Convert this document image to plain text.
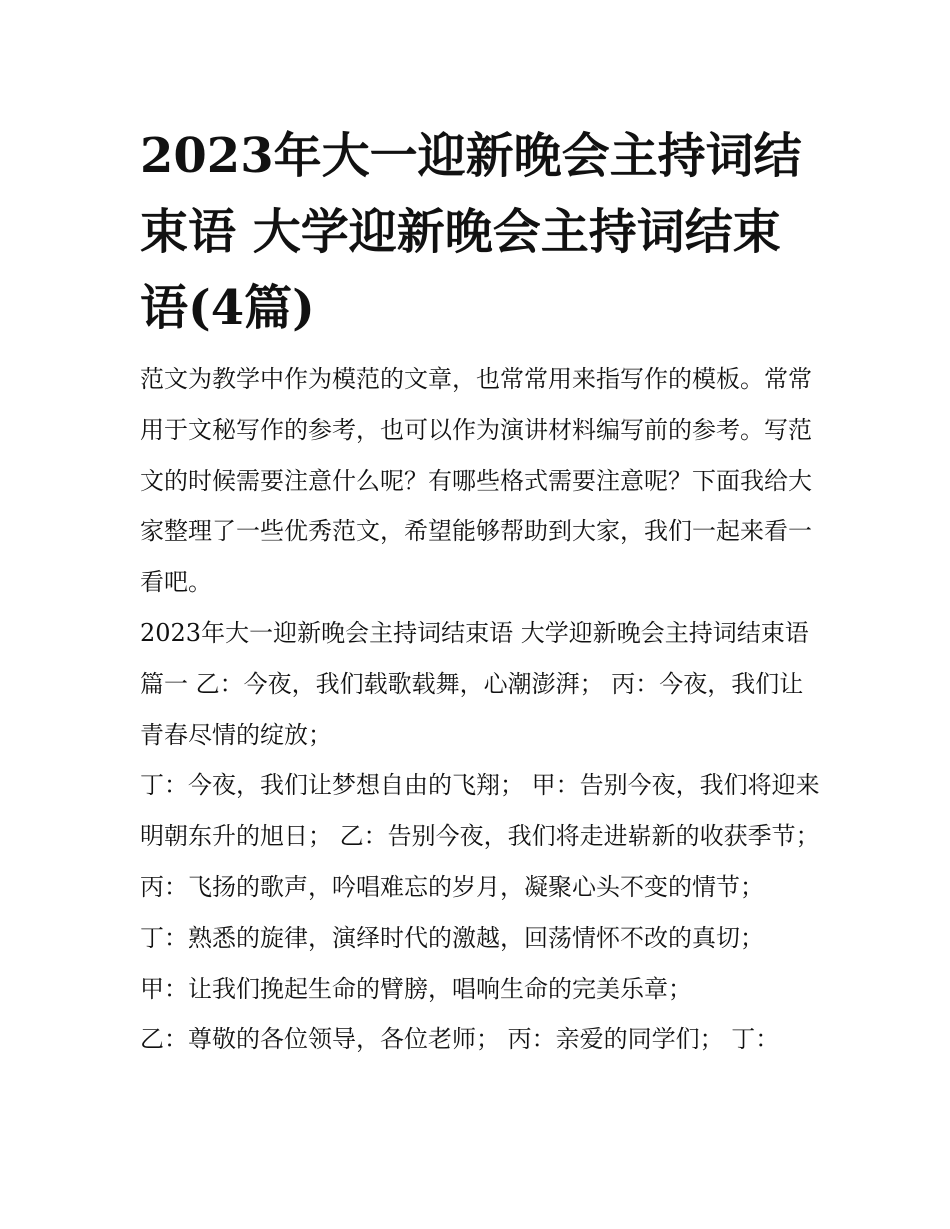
2023年大一迎新晚会主持词结束语 大学迎新晚会主持词结束语(4篇)

范文为教学中作为模范的文章，也常常用来指写作的模板。常常用于文秘写作的参考，也可以作为演讲材料编写前的参考。写范文的时候需要注意什么呢？有哪些格式需要注意呢？下面我给大家整理了一些优秀范文，希望能够帮助到大家，我们一起来看一看吧。

2023年大一迎新晚会主持词结束语 大学迎新晚会主持词结束语篇一 乙：今夜，我们载歌载舞，心潮澎湃； 丙：今夜，我们让青春尽情的绽放；

丁：今夜，我们让梦想自由的飞翔； 甲：告别今夜，我们将迎来明朝东升的旭日； 乙：告别今夜，我们将走进崭新的收获季节；

丙：飞扬的歌声，吟唱难忘的岁月，凝聚心头不变的情节；

丁：熟悉的旋律，演绎时代的激越，回荡情怀不改的真切；

甲：让我们挽起生命的臂膀，唱响生命的完美乐章；

乙：尊敬的各位领导，各位老师； 丙：亲爱的同学们； 丁：
